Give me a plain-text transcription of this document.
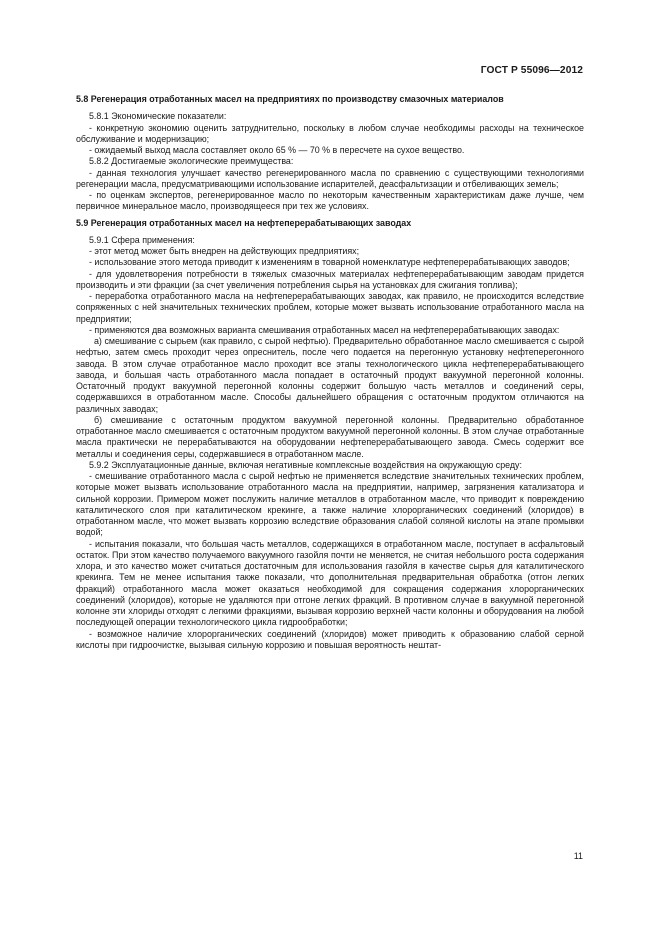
ГОСТ Р 55096—2012

5.8 Регенерация отработанных масел на предприятиях по производству смазочных материалов

5.8.1 Экономические показатели:

- конкретную экономию оценить затруднительно, поскольку в любом случае необходимы расходы на техническое обслуживание и модернизацию;

- ожидаемый выход масла составляет около 65 % — 70 % в пересчете на сухое вещество.

5.8.2 Достигаемые экологические преимущества:

- данная технология улучшает качество регенерированного масла по сравнению с существующими технологиями регенерации масла, предусматривающими использование испарителей, деасфальтизации и отбеливающих земель;

- по оценкам экспертов, регенерированное масло по некоторым качественным характеристикам даже лучше, чем первичное минеральное масло, производящееся при тех же условиях.

5.9 Регенерация отработанных масел на нефтеперерабатывающих заводах

5.9.1 Сфера применения:

- этот метод может быть внедрен на действующих предприятиях;

- использование этого метода приводит к изменениям в товарной номенклатуре нефтеперерабатывающих заводов;

- для удовлетворения потребности в тяжелых смазочных материалах нефтеперерабатывающим заводам придется производить и эти фракции (за счет увеличения потребления сырья на установках для сжигания топлива);

- переработка отработанного масла на нефтеперерабатывающих заводах, как правило, не происходится вследствие сопряженных с ней значительных технических проблем, которые может вызвать использование отработанного масла на предприятии;

- применяются два возможных варианта смешивания отработанных масел на нефтеперерабатывающих заводах:

а) смешивание с сырьем (как правило, с сырой нефтью). Предварительно обработанное масло смешивается с сырой нефтью, затем смесь проходит через опреснитель, после чего подается на перегонную установку нефтеперегонного завода. В этом случае отработанное масло проходит все этапы технологического цикла нефтеперерабатывающего завода, и большая часть отработанного масла попадает в остаточный продукт вакуумной перегонной колонны. Остаточный продукт вакуумной перегонной колонны содержит большую часть металлов и соединений серы, содержавшихся в отработанном масле. Способы дальнейшего обращения с остаточным продуктом отличаются на различных заводах;

б) смешивание с остаточным продуктом вакуумной перегонной колонны. Предварительно обработанное отработанное масло смешивается с остаточным продуктом вакуумной перегонной колонны. В этом случае отработанные масла практически не перерабатываются на оборудовании нефтеперерабатывающего завода. Смесь содержит все металлы и соединения серы, содержавшиеся в отработанном масле.

5.9.2 Эксплуатационные данные, включая негативные комплексные воздействия на окружающую среду:

- смешивание отработанного масла с сырой нефтью не применяется вследствие значительных технических проблем, которые может вызвать использование отработанного масла на предприятии, например, загрязнения катализатора и сильной коррозии. Примером может послужить наличие металлов в отработанном масле, что приводит к повреждению каталитического слоя при каталитическом крекинге, а также наличие хлорорганических соединений (хлоридов) в отработанном масле, что может вызвать коррозию вследствие образования слабой соляной кислоты на этапе промывки водой;

- испытания показали, что большая часть металлов, содержащихся в отработанном масле, поступает в асфальтовый остаток. При этом качество получаемого вакуумного газойля почти не меняется, не считая небольшого роста содержания хлора, и это качество может считаться достаточным для использования газойля в качестве сырья для каталитического крекинга. Тем не менее испытания также показали, что дополнительная предварительная обработка (отгон легких фракций) отработанного масла может оказаться необходимой для сокращения содержания хлорорганических соединений (хлоридов), которые не удаляются при отгоне легких фракций. В противном случае в вакуумной перегонной колонне эти хлориды отходят с легкими фракциями, вызывая коррозию верхней части колонны и оборудования на любой последующей операции технологического цикла гидрообработки;

- возможное наличие хлорорганических соединений (хлоридов) может приводить к образованию слабой серной кислоты при гидроочистке, вызывая сильную коррозию и повышая вероятность нештат-

11
